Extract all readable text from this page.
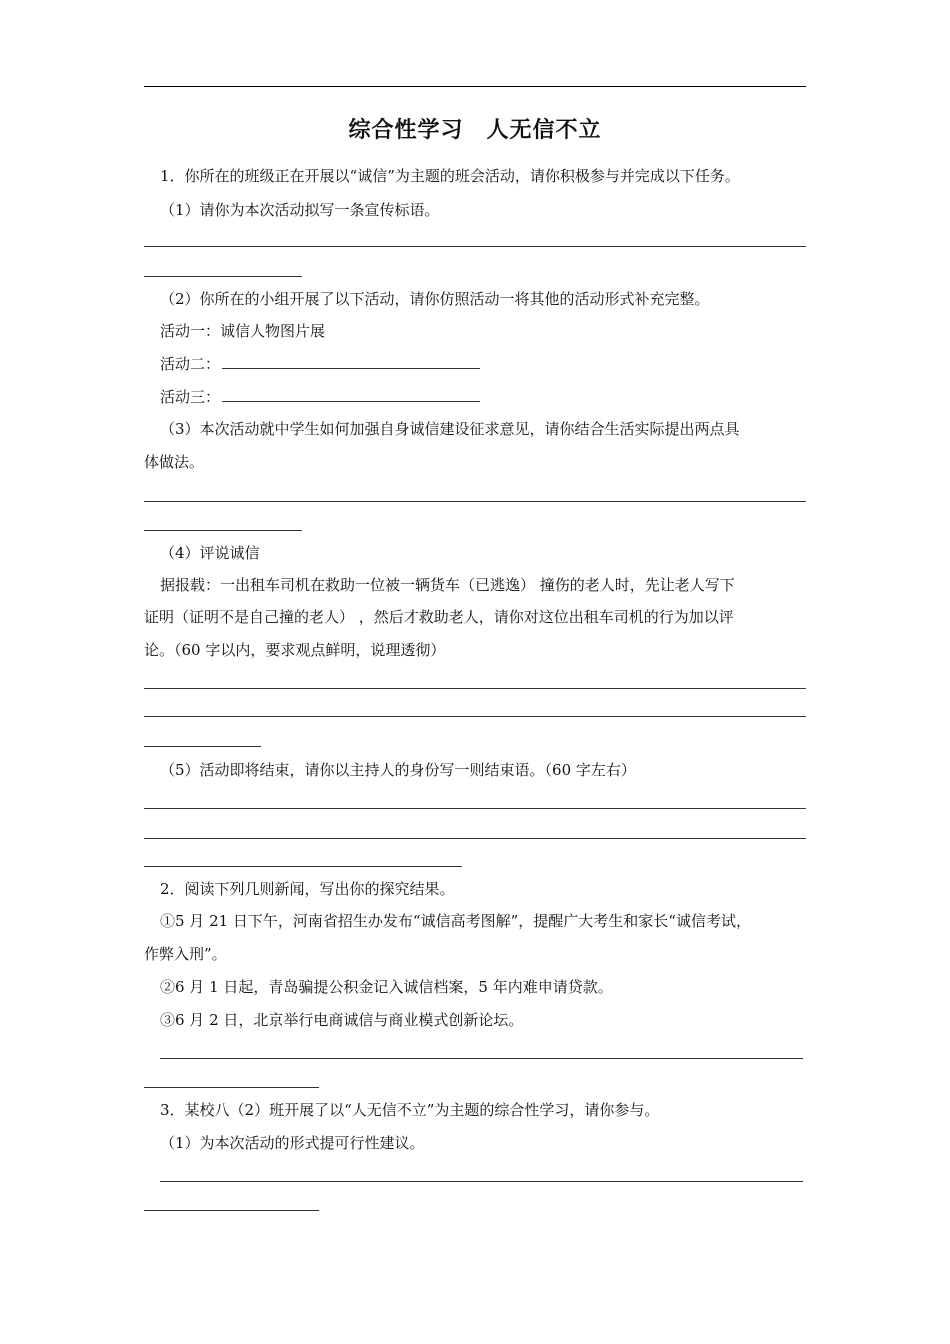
综合性学习　人无信不立
1．你所在的班级正在开展以“诚信”为主题的班会活动，请你积极参与并完成以下任务。
（1）请你为本次活动拟写一条宣传标语。
（2）你所在的小组开展了以下活动，请你仿照活动一将其他的活动形式补充完整。
活动一：诚信人物图片展
活动二：
活动三：
（3）本次活动就中学生如何加强自身诚信建设征求意见，请你结合生活实际提出两点具
体做法。
（4）评说诚信
据报载：一出租车司机在救助一位被一辆货车（已逃逸） 撞伤的老人时，先让老人写下
证明（证明不是自己撞的老人） ，然后才救助老人，请你对这位出租车司机的行为加以评
论。（60 字以内，要求观点鲜明，说理透彻）
（5）活动即将结束，请你以主持人的身份写一则结束语。（60 字左右）
2．阅读下列几则新闻，写出你的探究结果。
①5 月 21 日下午，河南省招生办发布“诚信高考图解”，提醒广大考生和家长“诚信考试，
作弊入刑”。
②6 月 1 日起，青岛骗提公积金记入诚信档案，5 年内难申请贷款。
③6 月 2 日，北京举行电商诚信与商业模式创新论坛。
3．某校八（2）班开展了以“人无信不立”为主题的综合性学习，请你参与。
（1）为本次活动的形式提可行性建议。
